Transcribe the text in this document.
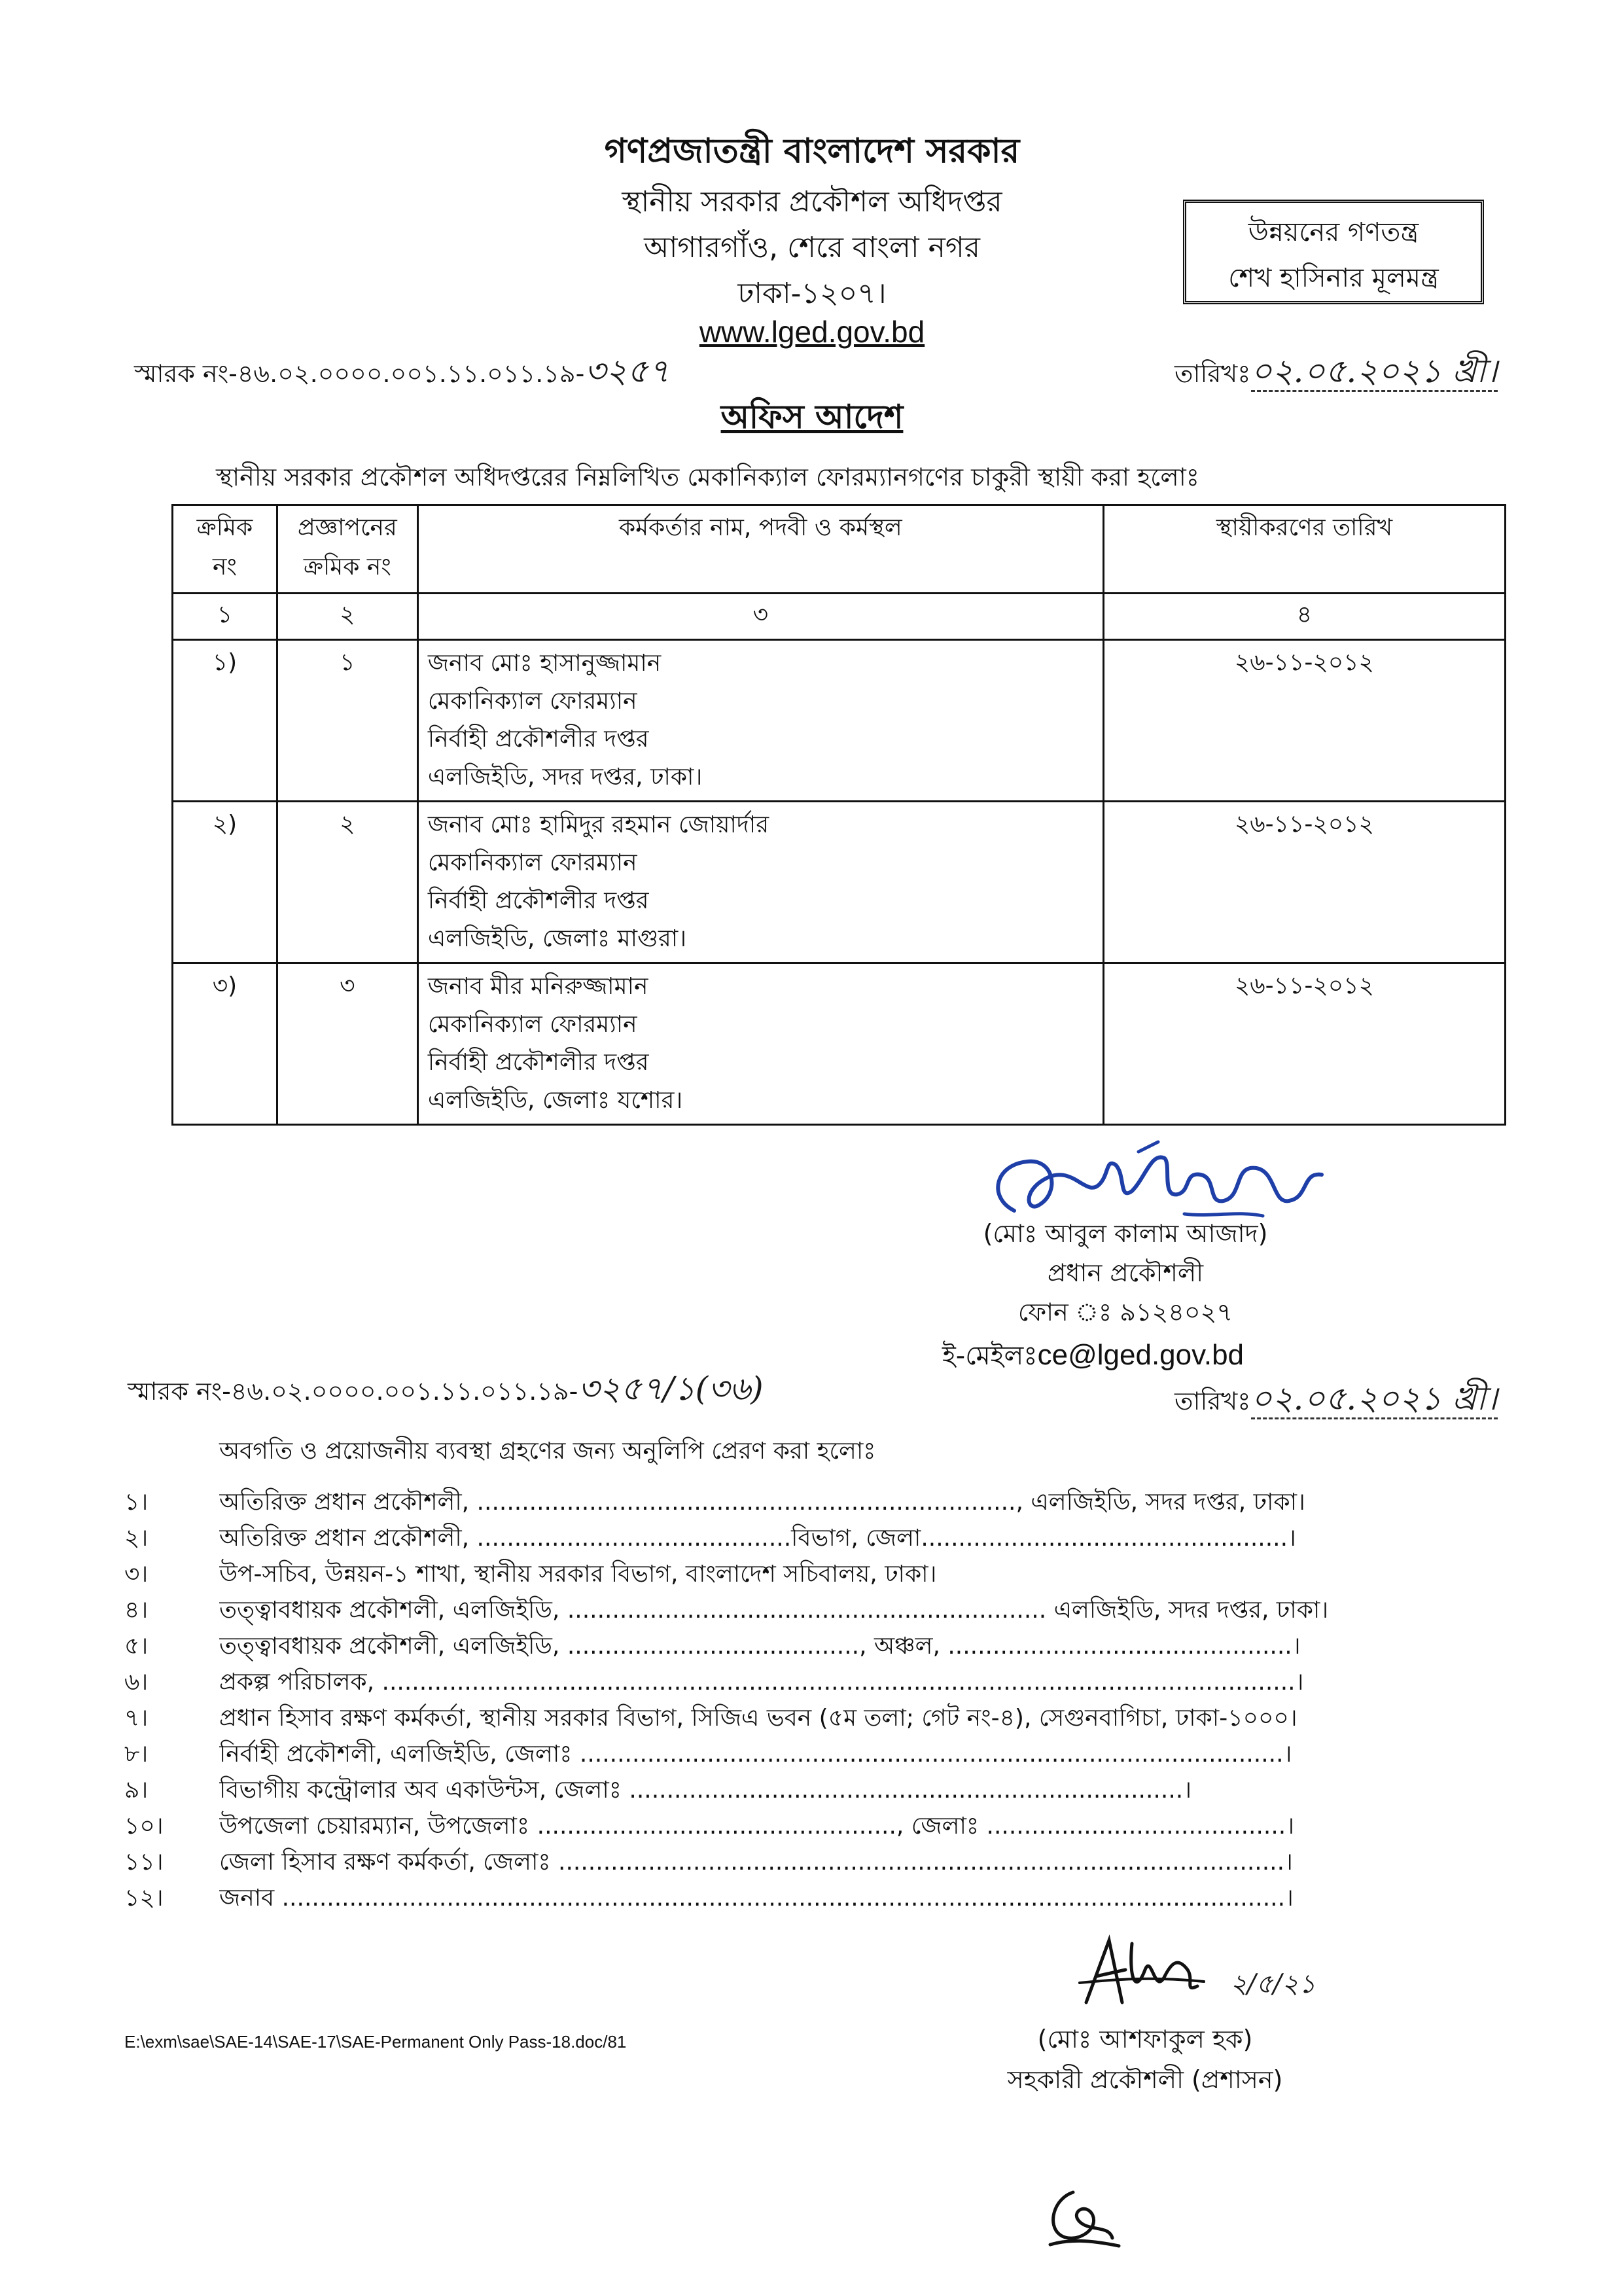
গণপ্রজাতন্ত্রী বাংলাদেশ সরকার
স্থানীয় সরকার প্রকৌশল অধিদপ্তর
আগারগাঁও, শেরে বাংলা নগর
ঢাকা-১২০৭।
www.lged.gov.bd
উন্নয়নের গণতন্ত্র
শেখ হাসিনার মূলমন্ত্র
স্মারক নং-৪৬.০২.০০০০.০০১.১১.০১১.১৯-৩২৫৭	তারিখঃ০২.০৫.২০২১ খ্রী।
অফিস আদেশ
স্থানীয় সরকার প্রকৌশল অধিদপ্তরের নিম্নলিখিত মেকানিক্যাল ফোরম্যানগণের চাকুরী স্থায়ী করা হলোঃ
ক্রমিক নং	প্রজ্ঞাপনের ক্রমিক নং	কর্মকর্তার নাম, পদবী ও কর্মস্থল	স্থায়ীকরণের তারিখ
১	২	৩	৪
১)	১	জনাব মোঃ হাসানুজ্জামান
মেকানিক্যাল ফোরম্যান
নির্বাহী প্রকৌশলীর দপ্তর
এলজিইডি, সদর দপ্তর, ঢাকা।	২৬-১১-২০১২
২)	২	জনাব মোঃ হামিদুর রহমান জোয়ার্দার
মেকানিক্যাল ফোরম্যান
নির্বাহী প্রকৌশলীর দপ্তর
এলজিইডি, জেলাঃ মাগুরা।	২৬-১১-২০১২
৩)	৩	জনাব মীর মনিরুজ্জামান
মেকানিক্যাল ফোরম্যান
নির্বাহী প্রকৌশলীর দপ্তর
এলজিইডি, জেলাঃ যশোর।	২৬-১১-২০১২
(মোঃ আবুল কালাম আজাদ)
প্রধান প্রকৌশলী
ফোন ঃ ৯১২৪০২৭
ই-মেইলঃce@lged.gov.bd
স্মারক নং-৪৬.০২.০০০০.০০১.১১.০১১.১৯-৩২৫৭/১(৩৬)	তারিখঃ০২.০৫.২০২১ খ্রী।
অবগতি ও প্রয়োজনীয় ব্যবস্থা গ্রহণের জন্য অনুলিপি প্রেরণ করা হলোঃ
১।	অতিরিক্ত প্রধান প্রকৌশলী, ........................................................................, এলজিইডি, সদর দপ্তর, ঢাকা।
২।	অতিরিক্ত প্রধান প্রকৌশলী, ..........................................বিভাগ, জেলা.................................................।
৩।	উপ-সচিব, উন্নয়ন-১ শাখা, স্থানীয় সরকার বিভাগ, বাংলাদেশ সচিবালয়, ঢাকা।
৪।	তত্ত্বাবধায়ক প্রকৌশলী, এলজিইডি, ................................................................ এলজিইডি, সদর দপ্তর, ঢাকা।
৫।	তত্ত্বাবধায়ক প্রকৌশলী, এলজিইডি, ......................................., অঞ্চল, ..............................................।
৬।	প্রকল্প পরিচালক, ..........................................................................................................................।
৭।	প্রধান হিসাব রক্ষণ কর্মকর্তা, স্থানীয় সরকার বিভাগ, সিজিএ ভবন (৫ম তলা; গেট নং-৪), সেগুনবাগিচা, ঢাকা-১০০০।
৮।	নির্বাহী প্রকৌশলী, এলজিইডি, জেলাঃ ..............................................................................................।
৯।	বিভাগীয় কন্ট্রোলার অব একাউন্টস, জেলাঃ ..........................................................................।
১০।	উপজেলা চেয়ারম্যান, উপজেলাঃ ................................................, জেলাঃ ........................................।
১১।	জেলা হিসাব রক্ষণ কর্মকর্তা, জেলাঃ .................................................................................................।
১২।	জনাব ......................................................................................................................................।
২/৫/২১
(মোঃ আশফাকুল হক)
সহকারী প্রকৌশলী (প্রশাসন)
E:\exm\sae\SAE-14\SAE-17\SAE-Permanent Only Pass-18.doc/81
